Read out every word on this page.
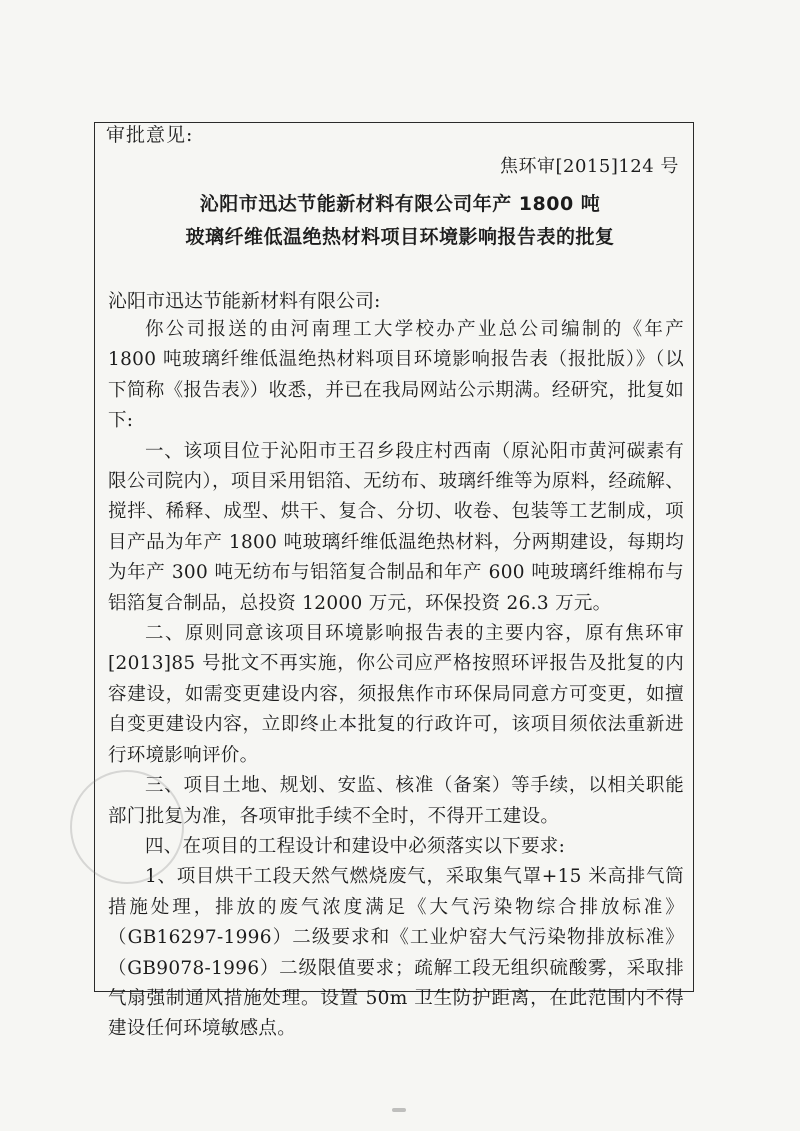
审批意见:
焦环审[2015]124 号
沁阳市迅达节能新材料有限公司年产 1800 吨
玻璃纤维低温绝热材料项目环境影响报告表的批复
沁阳市迅达节能新材料有限公司:

你公司报送的由河南理工大学校办产业总公司编制的《年产 1800 吨玻璃纤维低温绝热材料项目环境影响报告表（报批版）》（以下简称《报告表》）收悉，并已在我局网站公示期满。经研究，批复如下:

一、该项目位于沁阳市王召乡段庄村西南（原沁阳市黄河碳素有限公司院内），项目采用铝箔、无纺布、玻璃纤维等为原料，经疏解、搅拌、稀释、成型、烘干、复合、分切、收卷、包装等工艺制成，项目产品为年产 1800 吨玻璃纤维低温绝热材料，分两期建设，每期均为年产 300 吨无纺布与铝箔复合制品和年产 600 吨玻璃纤维棉布与铝箔复合制品，总投资 12000 万元，环保投资 26.3 万元。

二、原则同意该项目环境影响报告表的主要内容，原有焦环审[2013]85 号批文不再实施，你公司应严格按照环评报告及批复的内容建设，如需变更建设内容，须报焦作市环保局同意方可变更，如擅自变更建设内容，立即终止本批复的行政许可，该项目须依法重新进行环境影响评价。

三、项目土地、规划、安监、核准（备案）等手续，以相关职能部门批复为准，各项审批手续不全时，不得开工建设。

四、在项目的工程设计和建设中必须落实以下要求:

1、项目烘干工段天然气燃烧废气，采取集气罩+15 米高排气筒措施处理，排放的废气浓度满足《大气污染物综合排放标准》（GB16297-1996）二级要求和《工业炉窑大气污染物排放标准》（GB9078-1996）二级限值要求；疏解工段无组织硫酸雾，采取排气扇强制通风措施处理。设置 50m 卫生防护距离，在此范围内不得建设任何环境敏感点。
